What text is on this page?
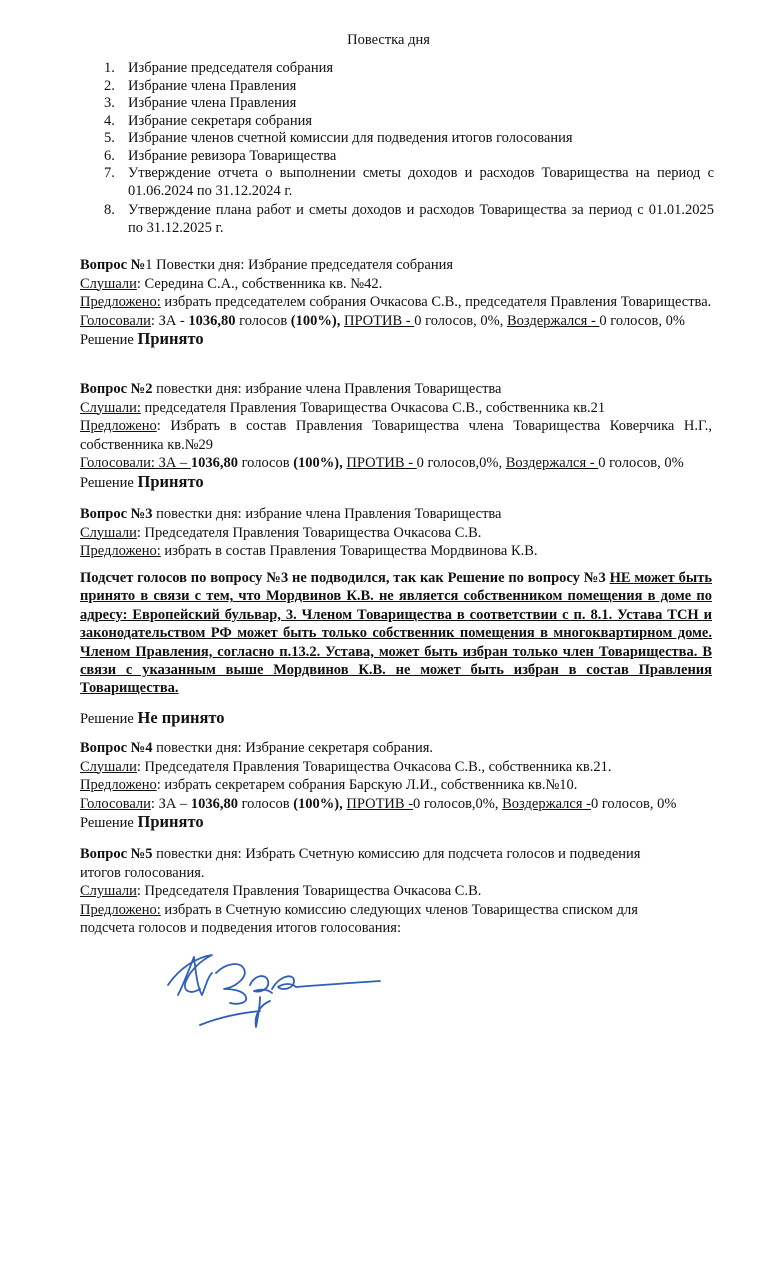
Повестка дня
1. Избрание председателя собрания
2. Избрание члена Правления
3. Избрание члена Правления
4. Избрание секретаря собрания
5. Избрание членов счетной комиссии для подведения итогов голосования
6. Избрание ревизора Товарищества
7. Утверждение отчета о выполнении сметы доходов и расходов Товарищества на период с 01.06.2024 по 31.12.2024 г.
8. Утверждение плана работ и сметы доходов и расходов Товарищества за период с 01.01.2025 по 31.12.2025 г.

Вопрос №1 Повестки дня: Избрание председателя собрания

Слушали: Середина С.А., собственника кв. №42.

Предложено: избрать председателем собрания Очкасова С.В., председателя Правления Товарищества.

Голосовали: ЗА - 1036,80 голосов (100%), ПРОТИВ - 0 голосов, 0%, Воздержался - 0 голосов, 0%

Решение Принято

Вопрос №2 повестки дня: избрание члена Правления Товарищества

Слушали: председателя Правления Товарищества Очкасова С.В., собственника кв.21

Предложено: Избрать в состав Правления Товарищества члена Товарищества Коверчика Н.Г., собственника кв.№29

Голосовали: ЗА – 1036,80 голосов (100%), ПРОТИВ - 0 голосов,0%, Воздержался - 0 голосов, 0%

Решение Принято

Вопрос №3 повестки дня: избрание члена Правления Товарищества

Слушали: Председателя Правления Товарищества Очкасова С.В.

Предложено: избрать в состав Правления Товарищества Мордвинова К.В.

Подсчет голосов по вопросу №3 не подводился, так как Решение по вопросу №3 НЕ может быть принято в связи с тем, что Мордвинов К.В. не является собственником помещения в доме по адресу: Европейский бульвар, 3. Членом Товарищества в соответствии с п. 8.1. Устава ТСН и законодательством РФ может быть только собственник помещения в многоквартирном доме. Членом Правления, согласно п.13.2. Устава, может быть избран только член Товарищества. В связи с указанным выше Мордвинов К.В. не может быть избран в состав Правления Товарищества.

Решение Не принято

Вопрос №4 повестки дня: Избрание секретаря собрания.

Слушали: Председателя Правления Товарищества Очкасова С.В., собственника кв.21.

Предложено: избрать секретарем собрания Барскую Л.И., собственника кв.№10.

Голосовали: ЗА – 1036,80 голосов (100%), ПРОТИВ -0 голосов,0%, Воздержался -0 голосов, 0%

Решение Принято

Вопрос №5 повестки дня: Избрать Счетную комиссию для подсчета голосов и подведения итогов голосования.

Слушали: Председателя Правления Товарищества Очкасова С.В.

Предложено: избрать в Счетную комиссию следующих членов Товарищества списком для подсчета голосов и подведения итогов голосования:
